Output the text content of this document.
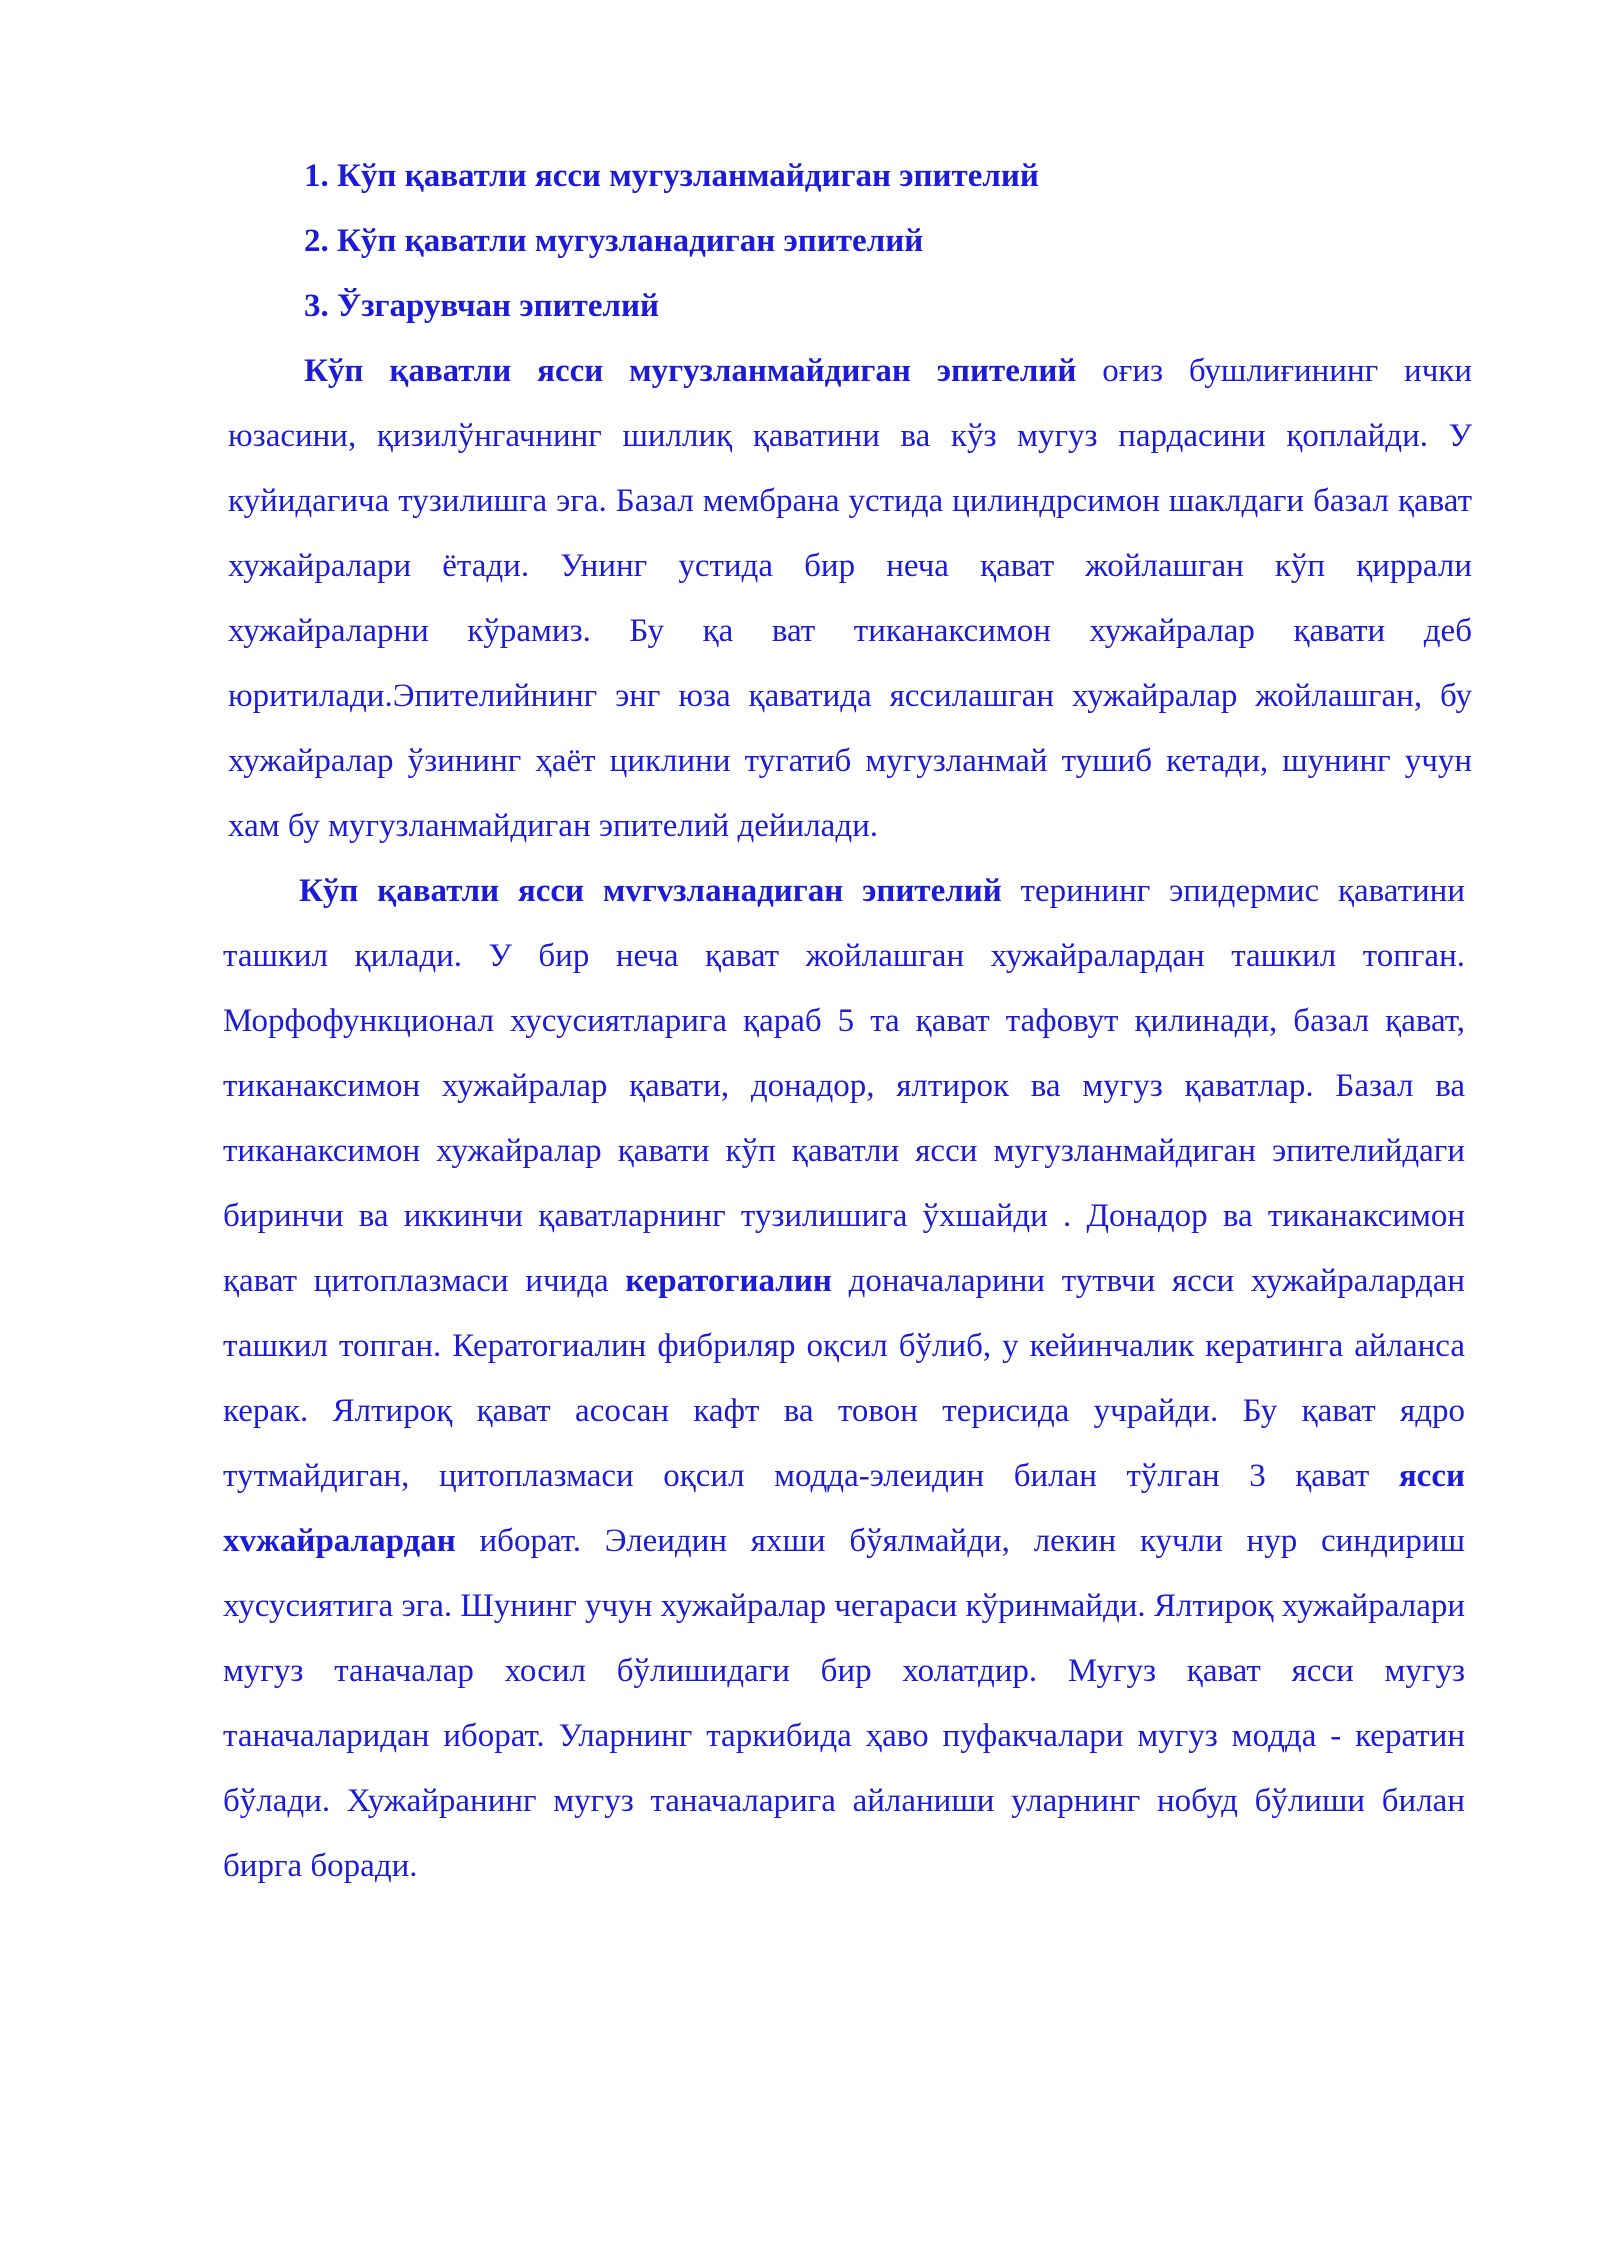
1. Кўп қаватли ясси мугузланмайдиган эпителий

2. Кўп қаватли мугузланадиган эпителий

3. Ўзгарувчан эпителий

Кўп қаватли ясси мугузланмайдиган эпителий оғиз бушлиғининг ички юзасини, қизилўнгачнинг шиллиқ қаватини ва кўз мугуз пардасини қоплайди. У куйидагича тузилишга эга. Базал мембрана устида цилиндрсимон шаклдаги базал қават хужайралари ётади. Унинг устида бир неча қават жойлашган кўп қиррали хужайраларни кўрамиз. Бу қа ват тиканаксимон хужайралар қавати деб юритилади.Эпителийнинг энг юза қаватида яссилашган хужайралар жойлашган, бу хужайралар ўзининг ҳаёт циклини тугатиб мугузланмай тушиб кетади, шунинг учун хам бу мугузланмайдиган эпителий дейилади.

Кўп қаватли ясси мvгvзланадиган эпителий терининг эпидермис қаватини ташкил қилади. У бир неча қават жойлашган хужайралардан ташкил топган. Морфофункционал хусусиятларига қараб 5 та қават тафовут қилинади, базал қават, тиканаксимон хужайралар қавати, донадор, ялтирок ва мугуз қаватлар. Базал ва тиканаксимон хужайралар қавати кўп қаватли ясси мугузланмайдиган эпителийдаги биринчи ва иккинчи қаватларнинг тузилишига ўхшайди . Донадор ва тиканаксимон қават цитоплазмаси ичида кератогиалин доначаларини тутвчи ясси хужайралардан ташкил топган. Кератогиалин фибриляр оқсил бўлиб, у кейинчалик кератинга айланса керак. Ялтироқ қават асосан кафт ва товон терисида учрайди. Бу қават ядро тутмайдиган, цитоплазмаси оқсил модда-элеидин билан тўлган 3 қават ясси хvжайралардан иборат. Элеидин яхши бўялмайди, лекин кучли нур синдириш хусусиятига эга. Шунинг учун хужайралар чегараси кўринмайди. Ялтироқ хужайралари мугуз таначалар хосил бўлишидаги бир холатдир. Мугуз қават ясси мугуз таначаларидан иборат. Уларнинг таркибида ҳаво пуфакчалари мугуз модда - кератин бўлади. Хужайранинг мугуз таначаларига айланиши уларнинг нобуд бўлиши билан бирга боради.
